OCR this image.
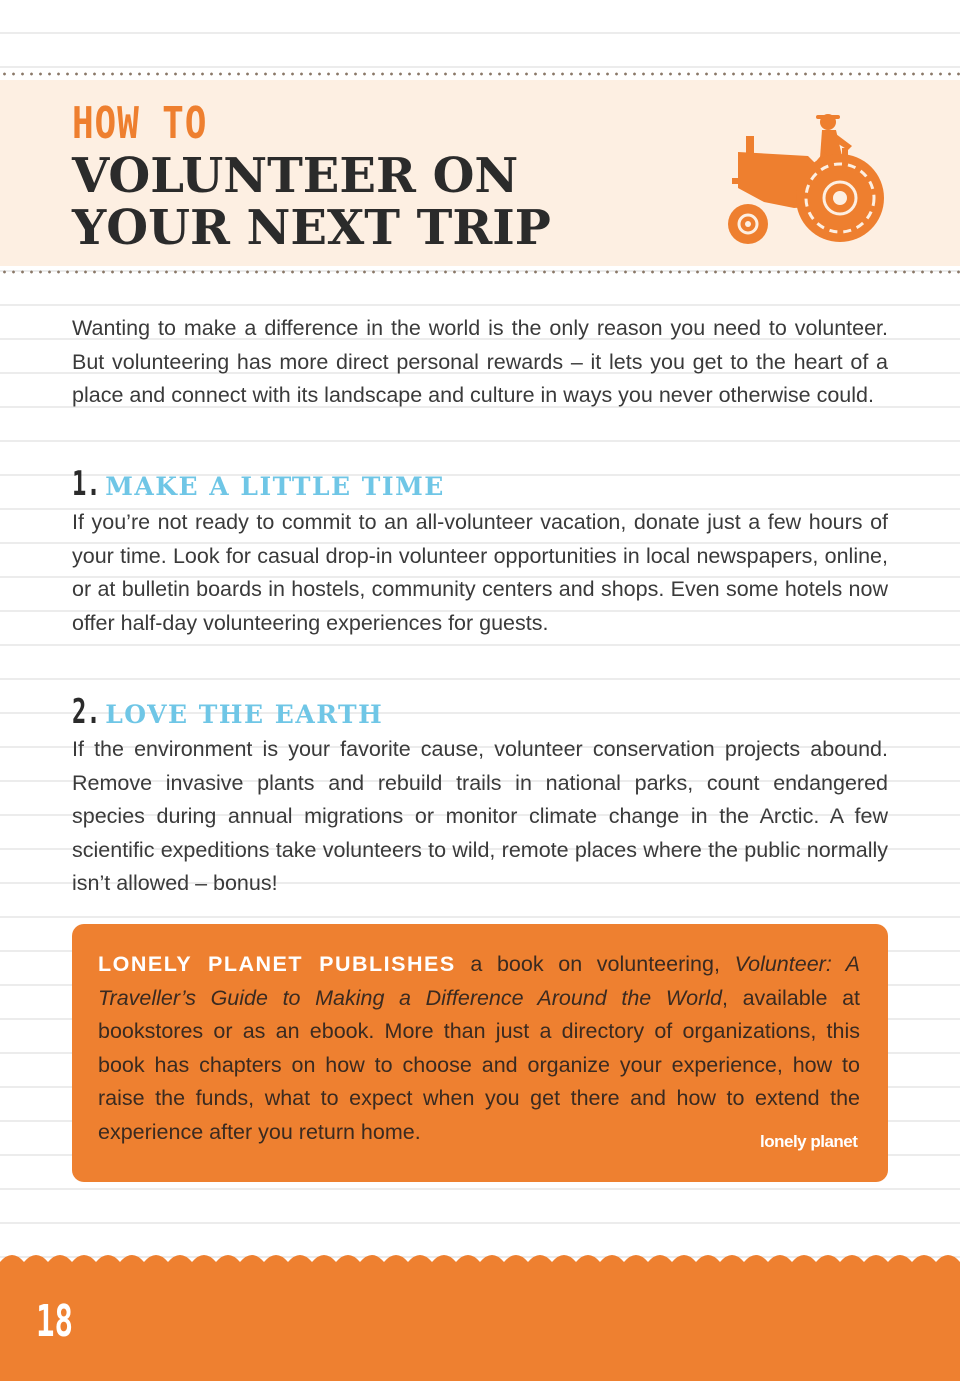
HOW TO
VOLUNTEER ON
YOUR NEXT TRIP

Wanting to make a difference in the world is the only reason you need to volunteer. But volunteering has more direct personal rewards – it lets you get to the heart of a place and connect with its landscape and culture in ways you never otherwise could.

1. MAKE A LITTLE TIME

If you’re not ready to commit to an all-volunteer vacation, donate just a few hours of your time. Look for casual drop-in volunteer opportunities in local newspapers, online, or at bulletin boards in hostels, community centers and shops. Even some hotels now offer half-day volunteering experiences for guests.

2. LOVE THE EARTH

If the environment is your favorite cause, volunteer conservation projects abound. Remove invasive plants and rebuild trails in national parks, count endangered species during annual migrations or monitor climate change in the Arctic. A few scientific expeditions take volunteers to wild, remote places where the public normally isn’t allowed – bonus!

LONELY PLANET PUBLISHES a book on volunteering, Volunteer: A Traveller’s Guide to Making a Difference Around the World, available at bookstores or as an ebook. More than just a directory of organizations, this book has chapters on how to choose and organize your experience, how to raise the funds, what to expect when you get there and how to extend the experience after you return home.	lonely planet

18
